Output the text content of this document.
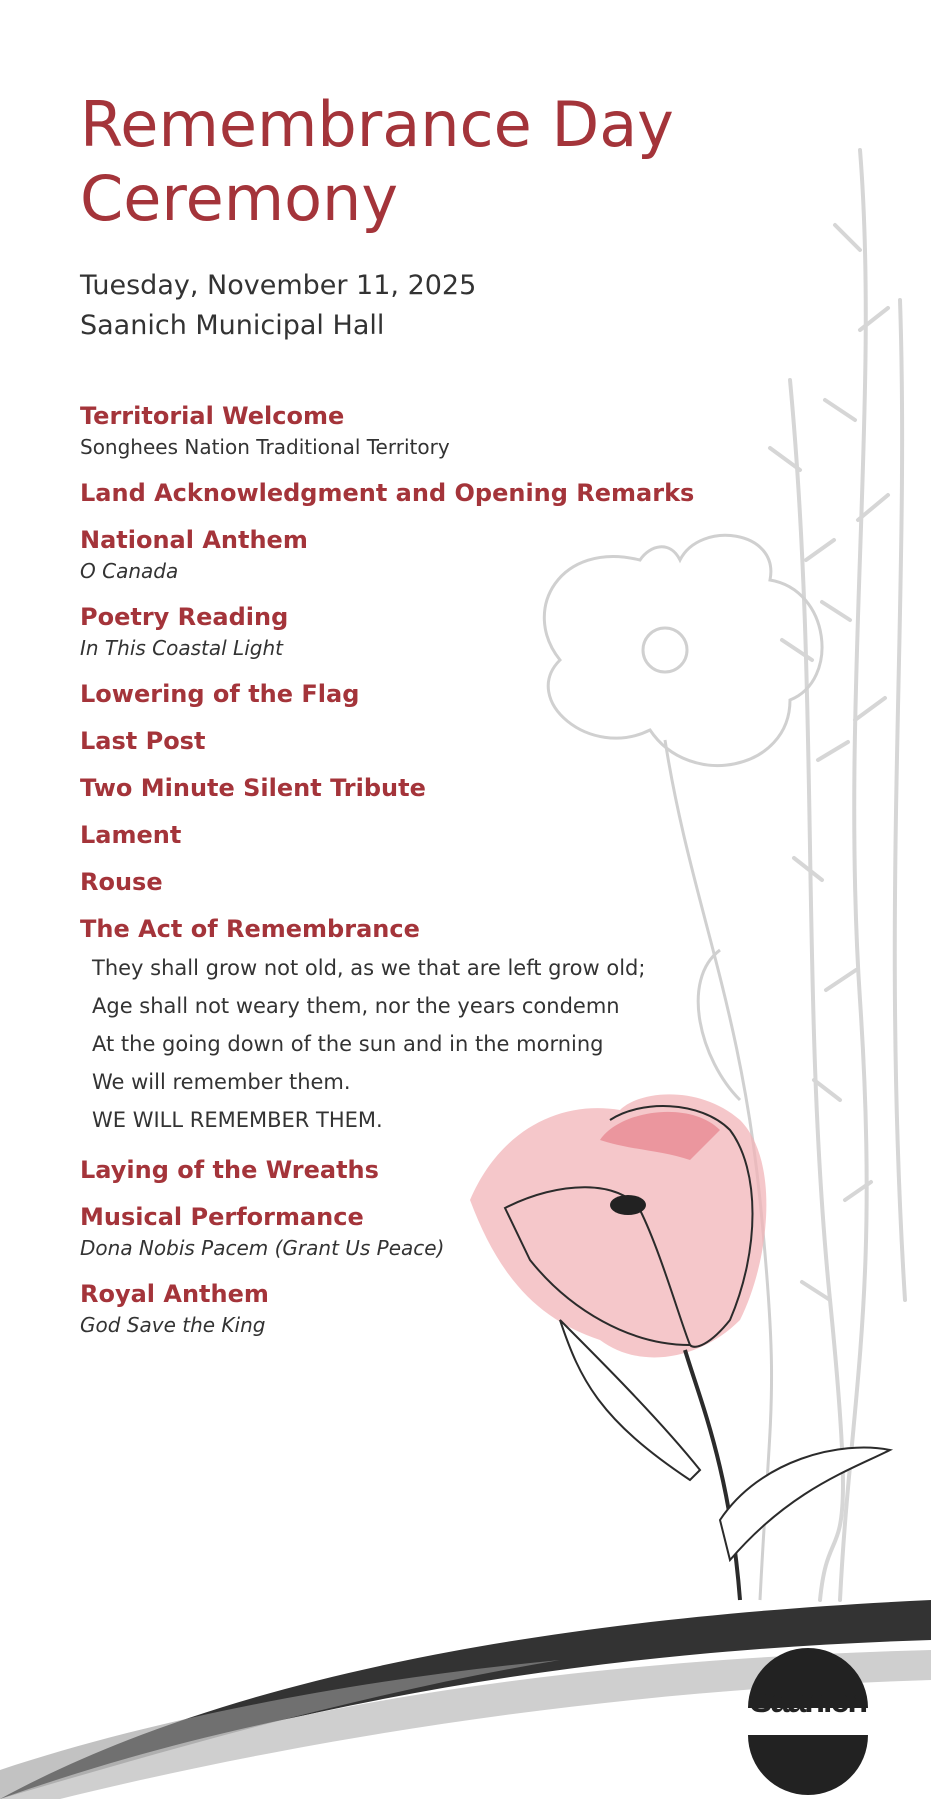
Saanich
Remembrance Day Ceremony
Tuesday, November 11, 2025
Saanich Municipal Hall
Territorial Welcome
Songhees Nation Traditional Territory
Land Acknowledgment and Opening Remarks
National Anthem
O Canada
Poetry Reading
In This Coastal Light
Lowering of the Flag
Last Post
Two Minute Silent Tribute
Lament
Rouse
The Act of Remembrance
They shall grow not old, as we that are left grow old;
Age shall not weary them, nor the years condemn
At the going down of the sun and in the morning
We will remember them.
WE WILL REMEMBER THEM.
Laying of the Wreaths
Musical Performance
Dona Nobis Pacem (Grant Us Peace)
Royal Anthem
God Save the King
